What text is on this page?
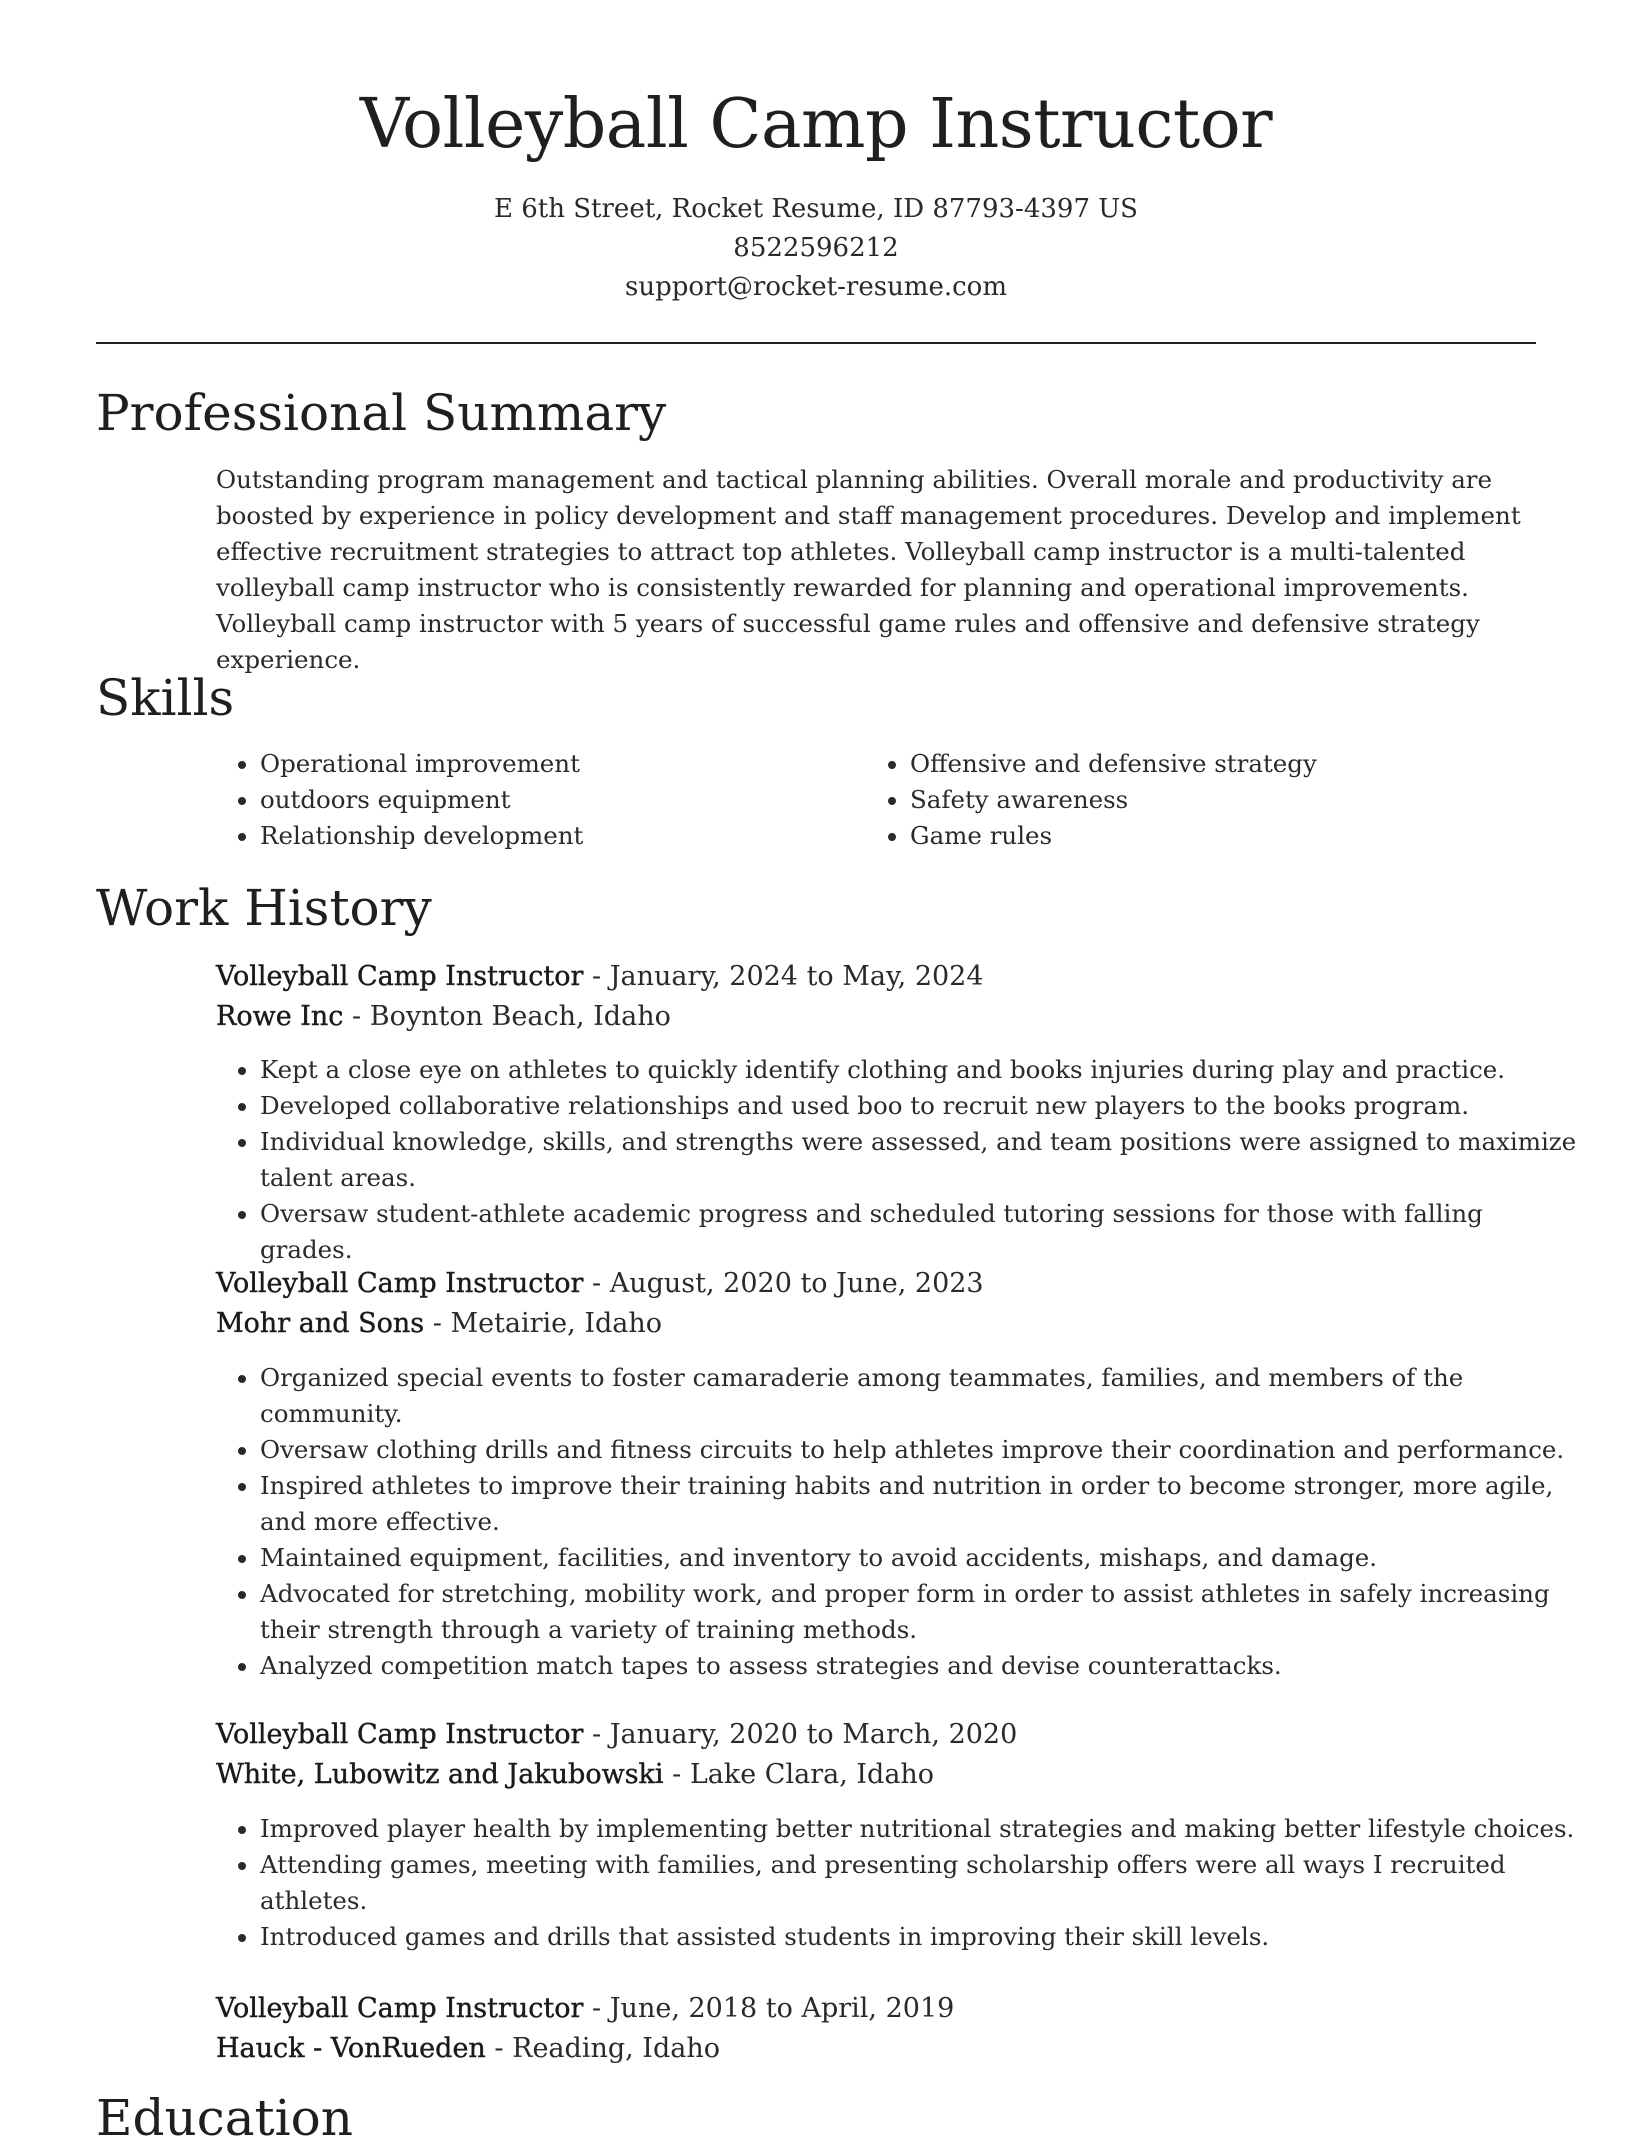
Volleyball Camp Instructor
E 6th Street, Rocket Resume, ID 87793-4397 US
8522596212
support@rocket-resume.com
Professional Summary

Outstanding program management and tactical planning abilities. Overall morale and productivity are boosted by experience in policy development and staff management procedures. Develop and implement effective recruitment strategies to attract top athletes. Volleyball camp instructor is a multi-talented volleyball camp instructor who is consistently rewarded for planning and operational improvements. Volleyball camp instructor with 5 years of successful game rules and offensive and defensive strategy experience.

Skills
• Operational improvement
• outdoors equipment
• Relationship development
• Offensive and defensive strategy
• Safety awareness
• Game rules
Work History
Volleyball Camp Instructor - January, 2024 to May, 2024
Rowe Inc - Boynton Beach, Idaho
• Kept a close eye on athletes to quickly identify clothing and books injuries during play and practice.
• Developed collaborative relationships and used boo to recruit new players to the books program.
• Individual knowledge, skills, and strengths were assessed, and team positions were assigned to maximize talent areas.
• Oversaw student-athlete academic progress and scheduled tutoring sessions for those with falling grades.
Volleyball Camp Instructor - August, 2020 to June, 2023
Mohr and Sons - Metairie, Idaho
• Organized special events to foster camaraderie among teammates, families, and members of the community.
• Oversaw clothing drills and fitness circuits to help athletes improve their coordination and performance.
• Inspired athletes to improve their training habits and nutrition in order to become stronger, more agile, and more effective.
• Maintained equipment, facilities, and inventory to avoid accidents, mishaps, and damage.
• Advocated for stretching, mobility work, and proper form in order to assist athletes in safely increasing their strength through a variety of training methods.
• Analyzed competition match tapes to assess strategies and devise counterattacks.
Volleyball Camp Instructor - January, 2020 to March, 2020
White, Lubowitz and Jakubowski - Lake Clara, Idaho
• Improved player health by implementing better nutritional strategies and making better lifestyle choices.
• Attending games, meeting with families, and presenting scholarship offers were all ways I recruited athletes.
• Introduced games and drills that assisted students in improving their skill levels.
Volleyball Camp Instructor - June, 2018 to April, 2019
Hauck - VonRueden - Reading, Idaho
Education
